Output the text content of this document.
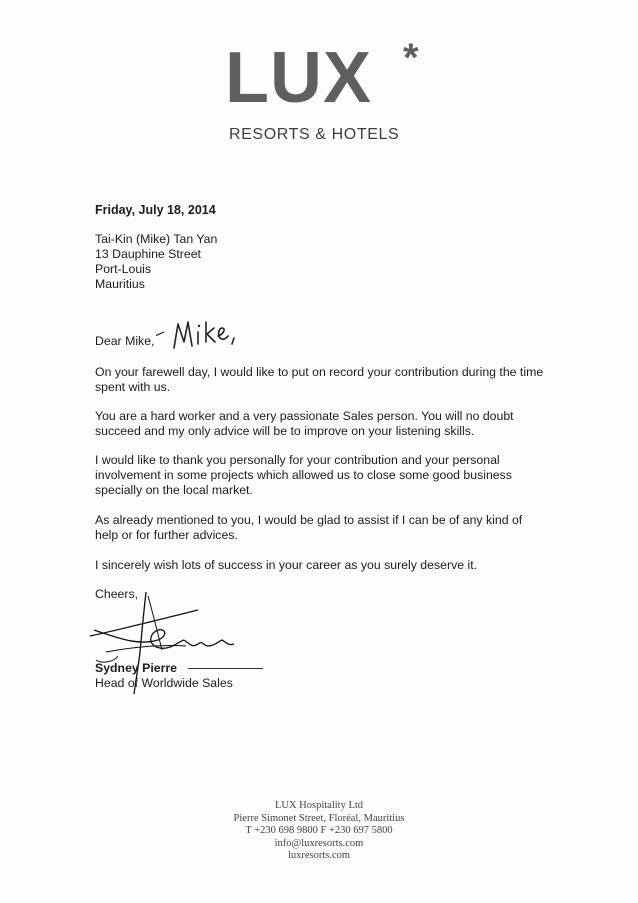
LUX *
RESORTS & HOTELS
Friday, July 18, 2014
Tai-Kin (Mike) Tan Yan
13 Dauphine Street
Port-Louis
Mauritius
Dear Mike,
On your farewell day, I would like to put on record your contribution during the time spent with us.
You are a hard worker and a very passionate Sales person. You will no doubt succeed and my only advice will be to improve on your listening skills.
I would like to thank you personally for your contribution and your personal involvement in some projects which allowed us to close some good business specially on the local market.
As already mentioned to you, I would be glad to assist if I can be of any kind of help or for further advices.
I sincerely wish lots of success in your career as you surely deserve it.
Cheers,
Sydney Pierre
Head of Worldwide Sales
LUX Hospitality Ltd
Pierre Simonet Street, Floréal, Mauritius
T +230 698 9800 F +230 697 5800
info@luxresorts.com
luxresorts.com
